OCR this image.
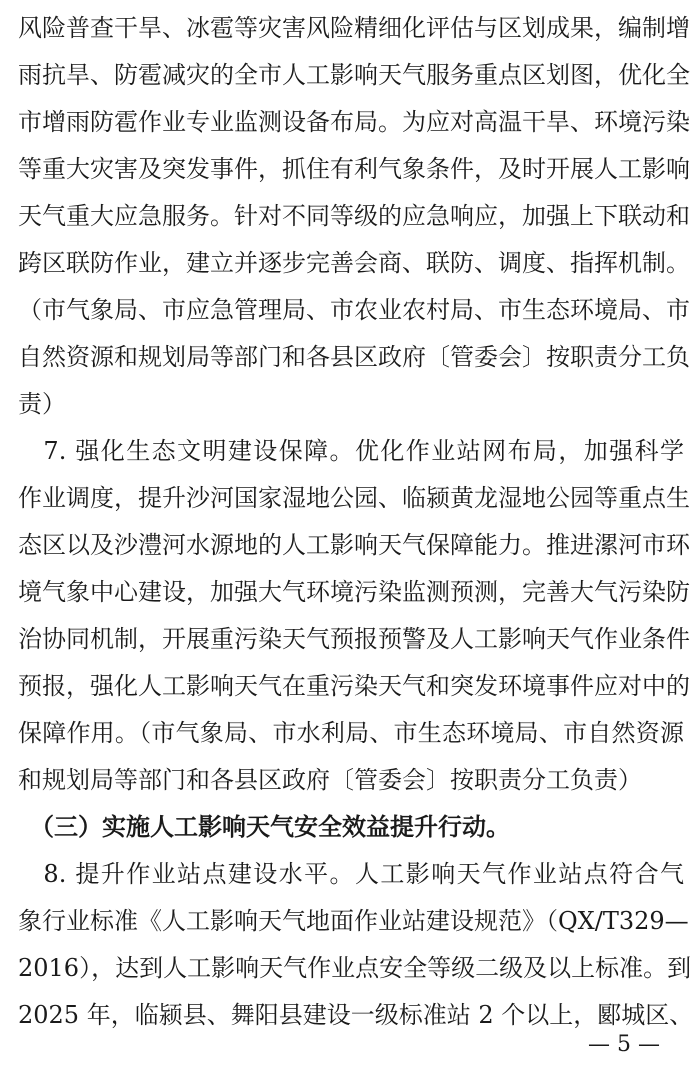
风险普查干旱、冰雹等灾害风险精细化评估与区划成果，编制增
雨抗旱、防雹减灾的全市人工影响天气服务重点区划图，优化全
市增雨防雹作业专业监测设备布局。为应对高温干旱、环境污染
等重大灾害及突发事件，抓住有利气象条件，及时开展人工影响
天气重大应急服务。针对不同等级的应急响应，加强上下联动和
跨区联防作业，建立并逐步完善会商、联防、调度、指挥机制。
（市气象局、市应急管理局、市农业农村局、市生态环境局、市
自然资源和规划局等部门和各县区政府〔管委会〕按职责分工负
责）
　7. 强化生态文明建设保障。优化作业站网布局，加强科学
作业调度，提升沙河国家湿地公园、临颍黄龙湿地公园等重点生
态区以及沙澧河水源地的人工影响天气保障能力。推进漯河市环
境气象中心建设，加强大气环境污染监测预测，完善大气污染防
治协同机制，开展重污染天气预报预警及人工影响天气作业条件
预报，强化人工影响天气在重污染天气和突发环境事件应对中的
保障作用。（市气象局、市水利局、市生态环境局、市自然资源
和规划局等部门和各县区政府〔管委会〕按职责分工负责）
　（三）实施人工影响天气安全效益提升行动。
　8. 提升作业站点建设水平。人工影响天气作业站点符合气
象行业标准《人工影响天气地面作业站建设规范》（QX/T329—
2016），达到人工影响天气作业点安全等级二级及以上标准。到
2025 年，临颍县、舞阳县建设一级标准站 2 个以上，郾城区、
— 5 —
